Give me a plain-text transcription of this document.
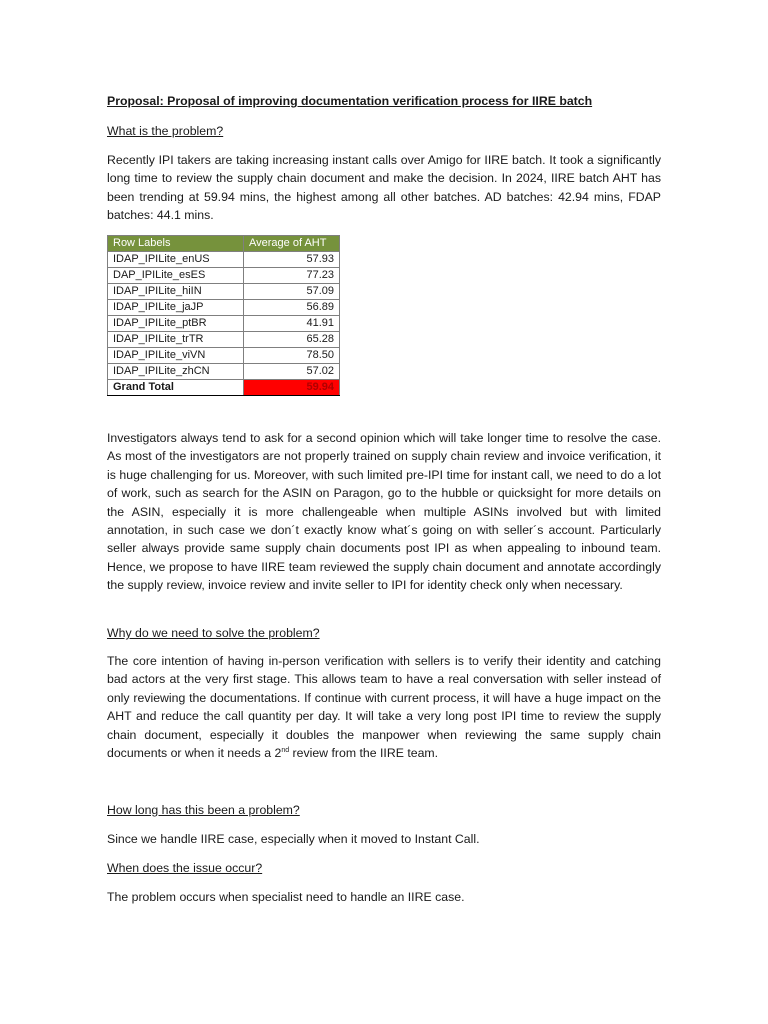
Proposal: Proposal of improving documentation verification process for IIRE batch
What is the problem?

Recently IPI takers are taking increasing instant calls over Amigo for IIRE batch. It took a significantly long time to review the supply chain document and make the decision. In 2024, IIRE batch AHT has been trending at 59.94 mins, the highest among all other batches. AD batches: 42.94 mins, FDAP batches: 44.1 mins.

Row Labels	Average of AHT
IDAP_IPILite_enUS	57.93
DAP_IPILite_esES	77.23
IDAP_IPILite_hiIN	57.09
IDAP_IPILite_jaJP	56.89
IDAP_IPILite_ptBR	41.91
IDAP_IPILite_trTR	65.28
IDAP_IPILite_viVN	78.50
IDAP_IPILite_zhCN	57.02
Grand Total	59.94

Investigators always tend to ask for a second opinion which will take longer time to resolve the case. As most of the investigators are not properly trained on supply chain review and invoice verification, it is huge challenging for us. Moreover, with such limited pre-IPI time for instant call, we need to do a lot of work, such as search for the ASIN on Paragon, go to the hubble or quicksight for more details on the ASIN, especially it is more challengeable when multiple ASINs involved but with limited annotation, in such case we don´t exactly know what´s going on with seller´s account. Particularly seller always provide same supply chain documents post IPI as when appealing to inbound team. Hence, we propose to have IIRE team reviewed the supply chain document and annotate accordingly the supply review, invoice review and invite seller to IPI for identity check only when necessary.

Why do we need to solve the problem?

The core intention of having in-person verification with sellers is to verify their identity and catching bad actors at the very first stage. This allows team to have a real conversation with seller instead of only reviewing the documentations. If continue with current process, it will have a huge impact on the AHT and reduce the call quantity per day. It will take a very long post IPI time to review the supply chain document, especially it doubles the manpower when reviewing the same supply chain documents or when it needs a 2nd review from the IIRE team.

How long has this been a problem?

Since we handle IIRE case, especially when it moved to Instant Call.

When does the issue occur?

The problem occurs when specialist need to handle an IIRE case.
